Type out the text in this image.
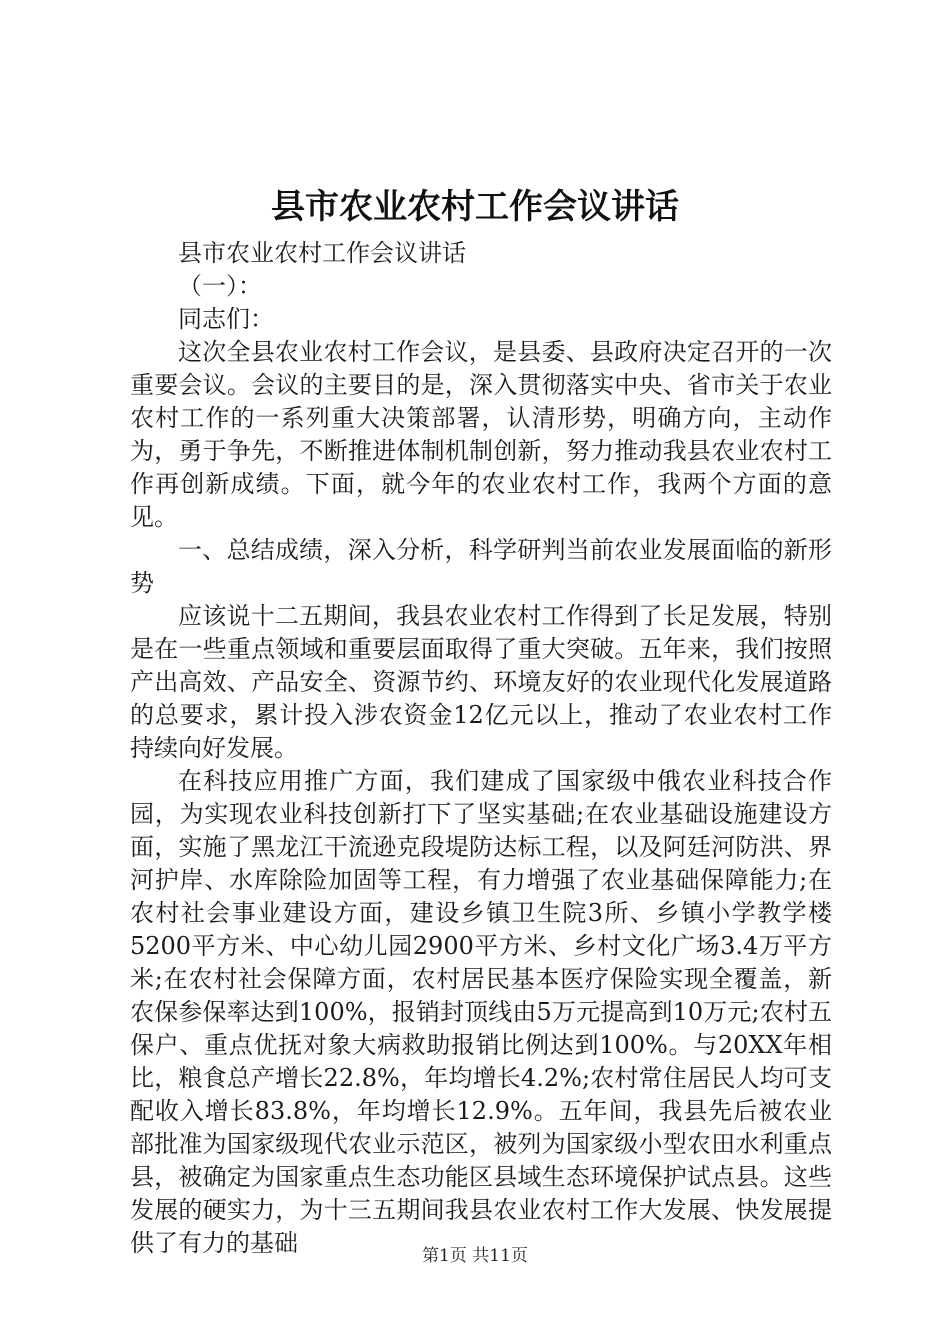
县市农业农村工作会议讲话

县市农业农村工作会议讲话

（一）：

同志们：

这次全县农业农村工作会议，是县委、县政府决定召开的一次重要会议。会议的主要目的是，深入贯彻落实中央、省市关于农业农村工作的一系列重大决策部署，认清形势，明确方向，主动作为，勇于争先，不断推进体制机制创新，努力推动我县农业农村工作再创新成绩。下面，就今年的农业农村工作，我两个方面的意见。

一、总结成绩，深入分析，科学研判当前农业发展面临的新形势

应该说十二五期间，我县农业农村工作得到了长足发展，特别是在一些重点领域和重要层面取得了重大突破。五年来，我们按照产出高效、产品安全、资源节约、环境友好的农业现代化发展道路的总要求，累计投入涉农资金12亿元以上，推动了农业农村工作持续向好发展。

在科技应用推广方面，我们建成了国家级中俄农业科技合作园，为实现农业科技创新打下了坚实基础;在农业基础设施建设方面，实施了黑龙江干流逊克段堤防达标工程，以及阿廷河防洪、界河护岸、水库除险加固等工程，有力增强了农业基础保障能力;在农村社会事业建设方面，建设乡镇卫生院3所、乡镇小学教学楼5200平方米、中心幼儿园2900平方米、乡村文化广场3.4万平方米;在农村社会保障方面，农村居民基本医疗保险实现全覆盖，新农保参保率达到100%，报销封顶线由5万元提高到10万元;农村五保户、重点优抚对象大病救助报销比例达到100%。与20XX年相比，粮食总产增长22.8%，年均增长4.2%;农村常住居民人均可支配收入增长83.8%，年均增长12.9%。五年间，我县先后被农业部批准为国家级现代农业示范区，被列为国家级小型农田水利重点县，被确定为国家重点生态功能区县域生态环境保护试点县。这些发展的硬实力，为十三五期间我县农业农村工作大发展、快发展提供了有力的基础	第1页 共11页
